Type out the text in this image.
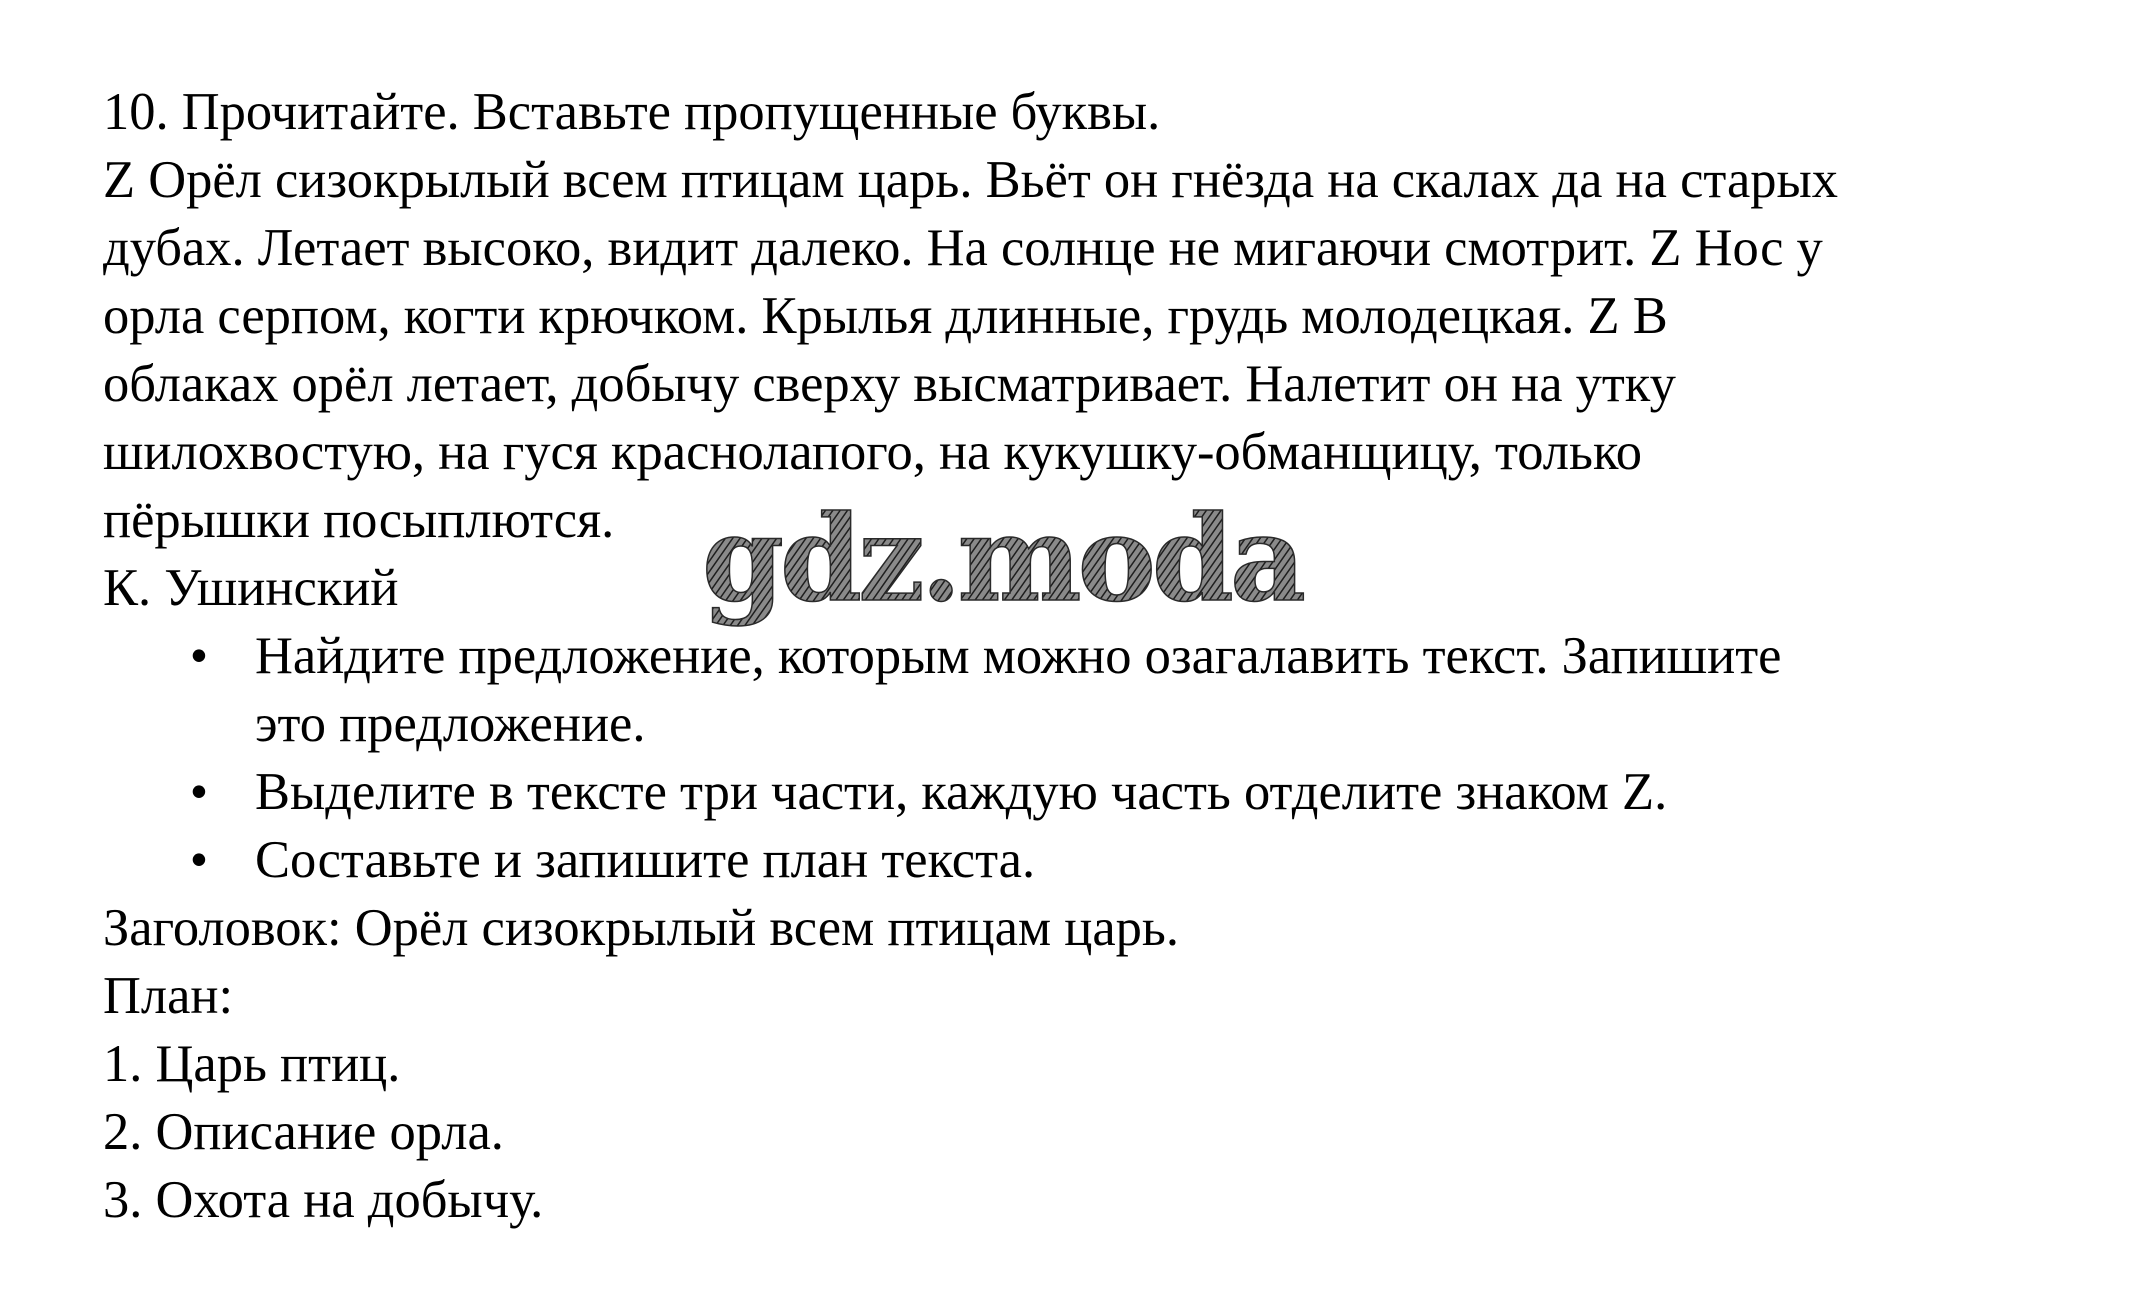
10. Прочитайте. Вставьте пропущенные буквы.

Z Орёл сизокрылый всем птицам царь. Вьёт он гнёзда на скалах да на старых

дубах. Летает высоко, видит далеко. На солнце не мигаючи смотрит. Z Нос у

орла серпом, когти крючком. Крылья длинные, грудь молодецкая. Z В

облаках орёл летает, добычу сверху высматривает. Налетит он на утку

шилохвостую, на гуся краснолапого, на кукушку-обманщицу, только

пёрышки посыплются.

К. Ушинский

• Найдите предложение, которым можно озагалавить текст. Запишите
это предложение.
• Выделите в тексте три части, каждую часть отделите знаком Z.
• Составьте и запишите план текста.

Заголовок: Орёл сизокрылый всем птицам царь.

План:

1. Царь птиц.

2. Описание орла.

3. Охота на добычу.

gdz.moda
